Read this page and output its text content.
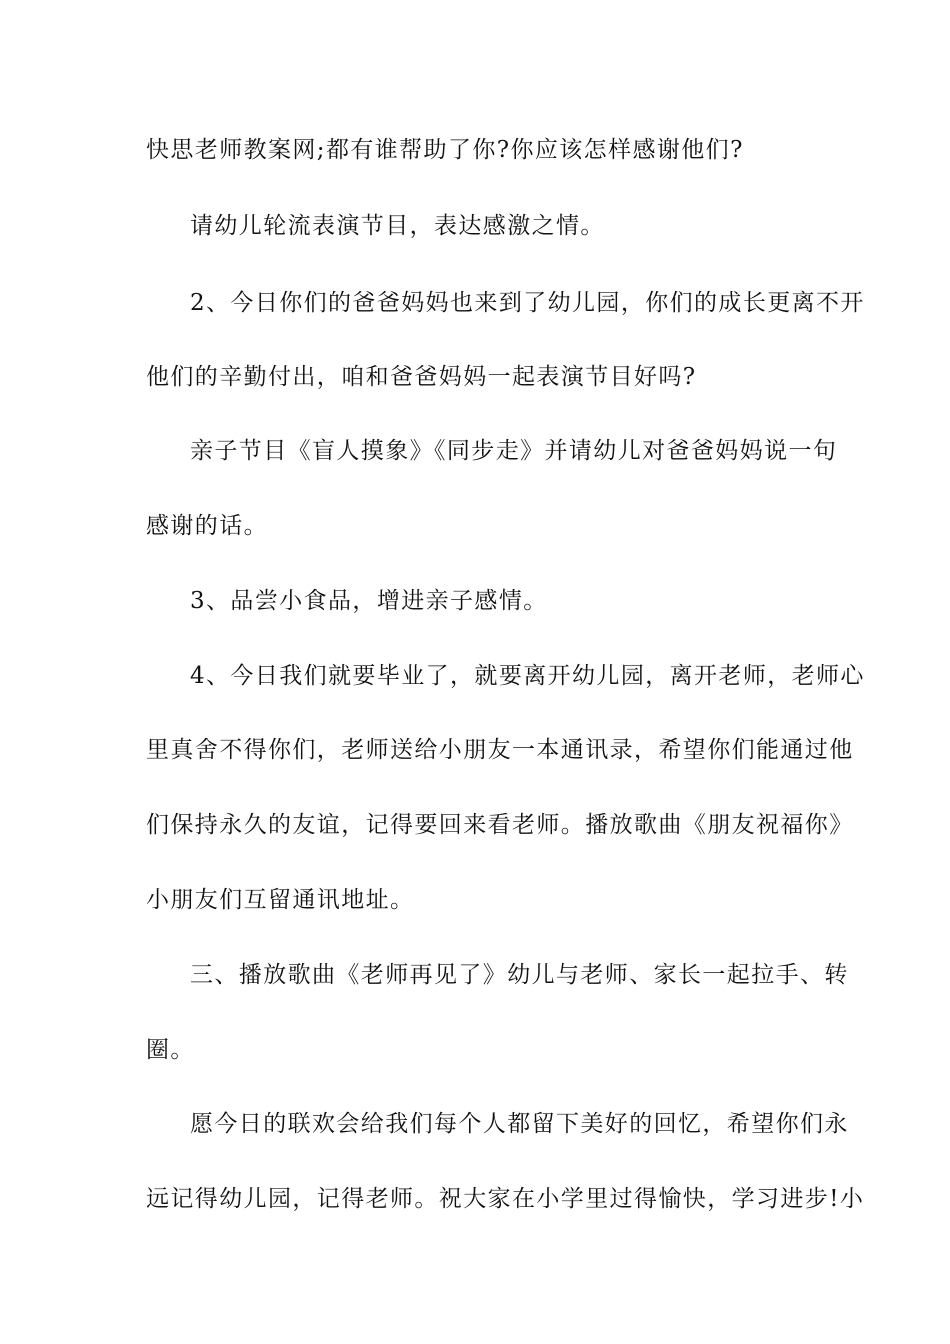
快思老师教案网;都有谁帮助了你?你应该怎样感谢他们?

请幼儿轮流表演节目，表达感激之情。

2、今日你们的爸爸妈妈也来到了幼儿园，你们的成长更离不开

他们的辛勤付出，咱和爸爸妈妈一起表演节目好吗?

亲子节目《盲人摸象》《同步走》并请幼儿对爸爸妈妈说一句

感谢的话。

3、品尝小食品，增进亲子感情。

4、今日我们就要毕业了，就要离开幼儿园，离开老师，老师心

里真舍不得你们，老师送给小朋友一本通讯录，希望你们能通过他

们保持永久的友谊，记得要回来看老师。播放歌曲《朋友祝福你》

小朋友们互留通讯地址。

三、播放歌曲《老师再见了》幼儿与老师、家长一起拉手、转

圈。

愿今日的联欢会给我们每个人都留下美好的回忆，希望你们永

远记得幼儿园，记得老师。祝大家在小学里过得愉快，学习进步!小
